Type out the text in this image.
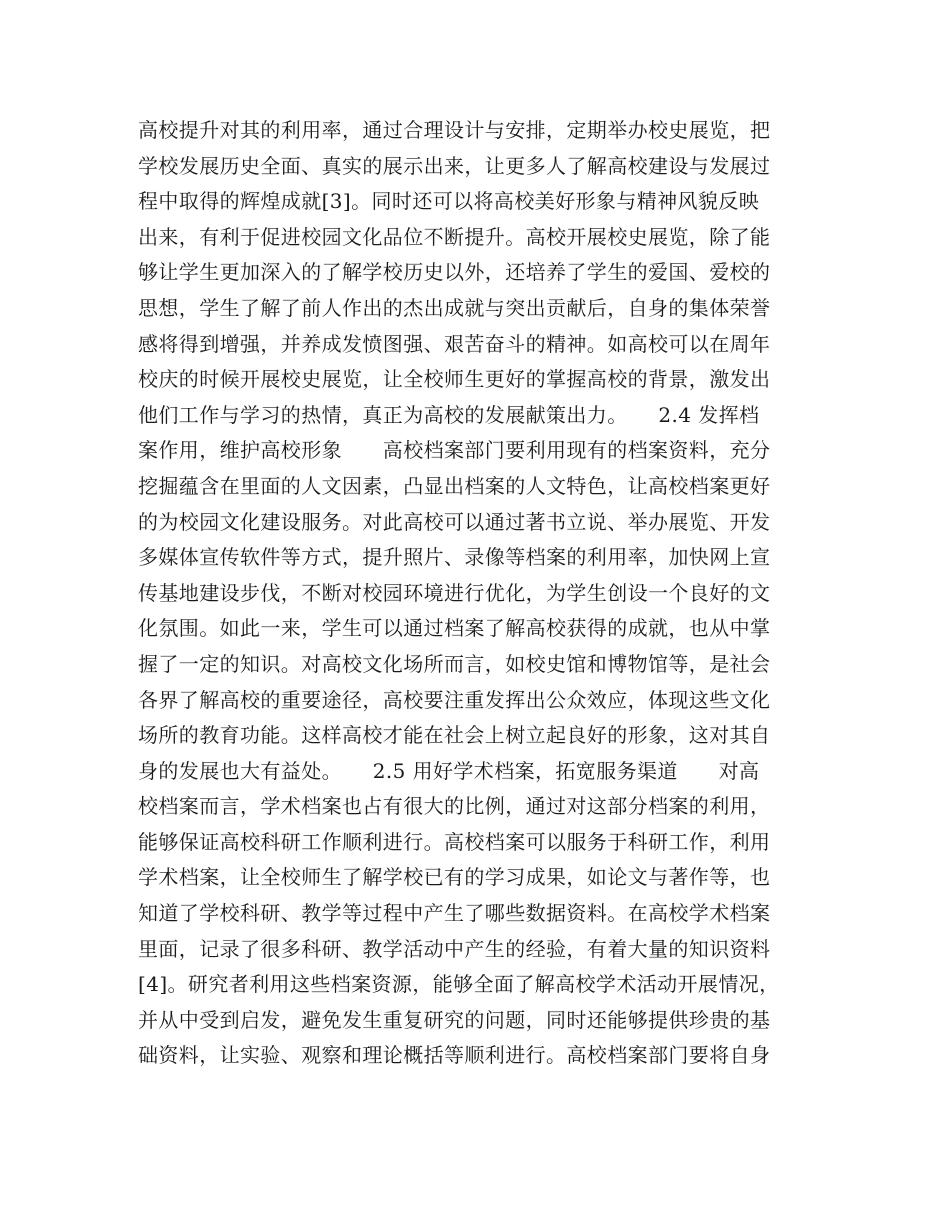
高校提升对其的利用率，通过合理设计与安排，定期举办校史展览，把
学校发展历史全面、真实的展示出来，让更多人了解高校建设与发展过
程中取得的辉煌成就[3]。同时还可以将高校美好形象与精神风貌反映
出来，有利于促进校园文化品位不断提升。高校开展校史展览，除了能
够让学生更加深入的了解学校历史以外，还培养了学生的爱国、爱校的
思想，学生了解了前人作出的杰出成就与突出贡献后，自身的集体荣誉
感将得到增强，并养成发愤图强、艰苦奋斗的精神。如高校可以在周年
校庆的时候开展校史展览，让全校师生更好的掌握高校的背景，激发出
他们工作与学习的热情，真正为高校的发展献策出力。　　2.4 发挥档
案作用，维护高校形象　　高校档案部门要利用现有的档案资料，充分
挖掘蕴含在里面的人文因素，凸显出档案的人文特色，让高校档案更好
的为校园文化建设服务。对此高校可以通过著书立说、举办展览、开发
多媒体宣传软件等方式，提升照片、录像等档案的利用率，加快网上宣
传基地建设步伐，不断对校园环境进行优化，为学生创设一个良好的文
化氛围。如此一来，学生可以通过档案了解高校获得的成就，也从中掌
握了一定的知识。对高校文化场所而言，如校史馆和博物馆等，是社会
各界了解高校的重要途径，高校要注重发挥出公众效应，体现这些文化
场所的教育功能。这样高校才能在社会上树立起良好的形象，这对其自
身的发展也大有益处。　　2.5 用好学术档案，拓宽服务渠道　　对高
校档案而言，学术档案也占有很大的比例，通过对这部分档案的利用，
能够保证高校科研工作顺利进行。高校档案可以服务于科研工作，利用
学术档案，让全校师生了解学校已有的学习成果，如论文与著作等，也
知道了学校科研、教学等过程中产生了哪些数据资料。在高校学术档案
里面，记录了很多科研、教学活动中产生的经验，有着大量的知识资料
[4]。研究者利用这些档案资源，能够全面了解高校学术活动开展情况，
并从中受到启发，避免发生重复研究的问题，同时还能够提供珍贵的基
础资料，让实验、观察和理论概括等顺利进行。高校档案部门要将自身
